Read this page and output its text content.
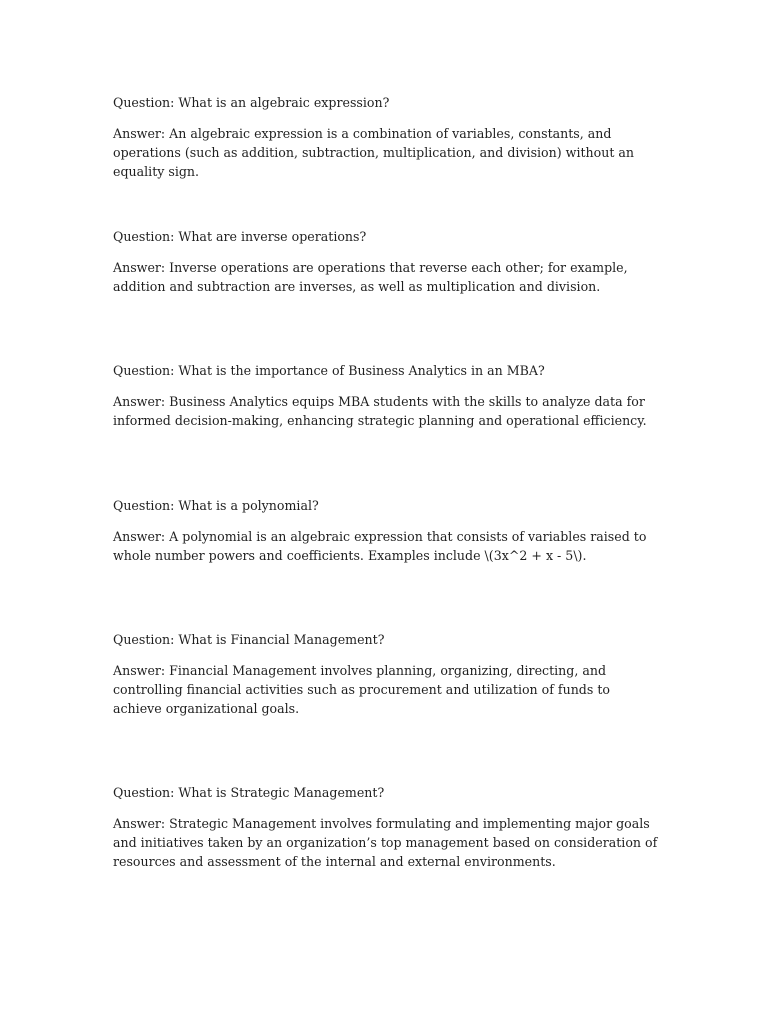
Question: What is an algebraic expression?

Answer: An algebraic expression is a combination of variables, constants, and operations (such as addition, subtraction, multiplication, and division) without an equality sign.

Question: What are inverse operations?

Answer: Inverse operations are operations that reverse each other; for example, addition and subtraction are inverses, as well as multiplication and division.

Question: What is the importance of Business Analytics in an MBA?

Answer: Business Analytics equips MBA students with the skills to analyze data for informed decision-making, enhancing strategic planning and operational efficiency.

Question: What is a polynomial?

Answer: A polynomial is an algebraic expression that consists of variables raised to whole number powers and coefficients. Examples include \(3x^2 + x - 5\).

Question: What is Financial Management?

Answer: Financial Management involves planning, organizing, directing, and controlling financial activities such as procurement and utilization of funds to achieve organizational goals.

Question: What is Strategic Management?

Answer: Strategic Management involves formulating and implementing major goals and initiatives taken by an organization’s top management based on consideration of resources and assessment of the internal and external environments.
